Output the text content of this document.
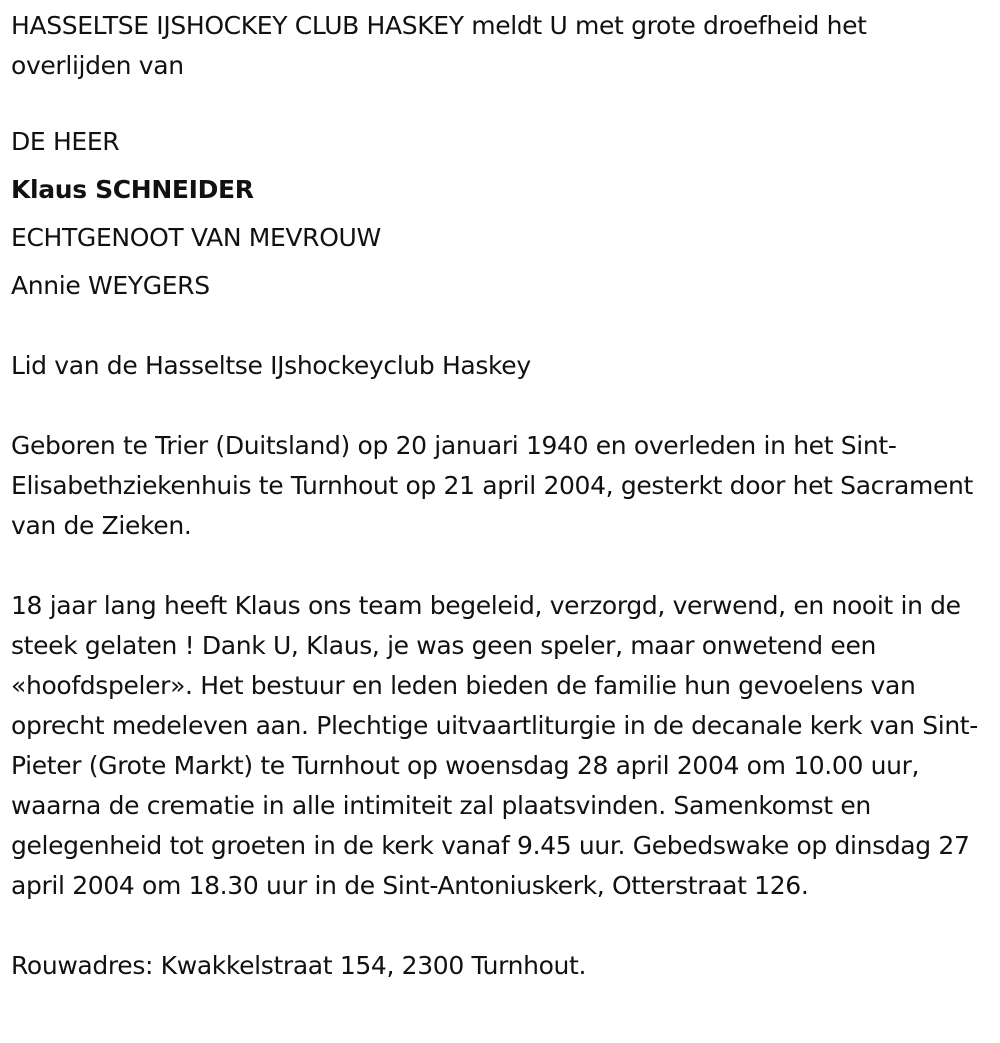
HASSELTSE IJSHOCKEY CLUB HASKEY meldt U met grote droefheid het overlijden van

DE HEER

Klaus SCHNEIDER

ECHTGENOOT VAN MEVROUW

Annie WEYGERS

Lid van de Hasseltse IJshockeyclub Haskey

Geboren te Trier (Duitsland) op 20 januari 1940 en overleden in het Sint-Elisabethziekenhuis te Turnhout op 21 april 2004, gesterkt door het Sacrament van de Zieken.

18 jaar lang heeft Klaus ons team begeleid, verzorgd, verwend, en nooit in de steek gelaten ! Dank U, Klaus, je was geen speler, maar onwetend een «hoofdspeler». Het bestuur en leden bieden de familie hun gevoelens van oprecht medeleven aan. Plechtige uitvaartliturgie in de decanale kerk van Sint-Pieter (Grote Markt) te Turnhout op woensdag 28 april 2004 om 10.00 uur, waarna de crematie in alle intimiteit zal plaatsvinden. Samenkomst en gelegenheid tot groeten in de kerk vanaf 9.45 uur. Gebedswake op dinsdag 27 april 2004 om 18.30 uur in de Sint-Antoniuskerk, Otterstraat 126.

Rouwadres: Kwakkelstraat 154, 2300 Turnhout.
